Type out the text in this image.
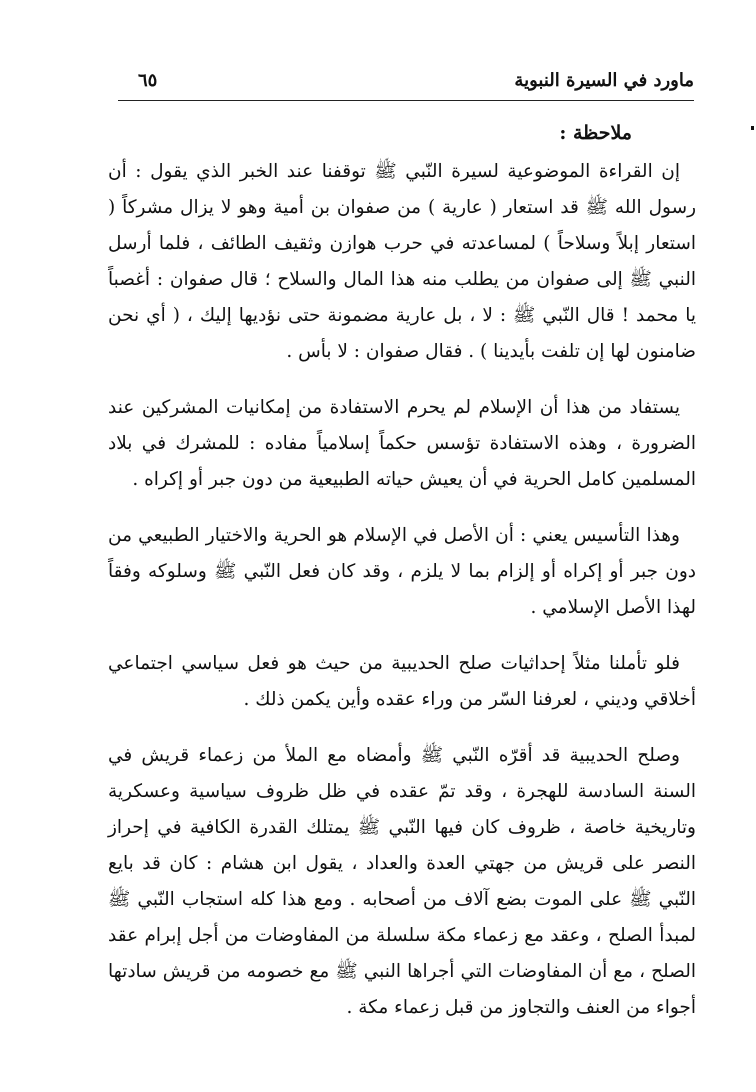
ماورد في السيرة النبوية
٦٥
ملاحظة :

إن القراءة الموضوعية لسيرة النّبي ﷺ توقفنا عند الخبر الذي يقول : أن رسول الله ﷺ قد استعار ( عارية ) من صفوان بن أمية وهو لا يزال مشركاً ( استعار إبلاً وسلاحاً ) لمساعدته في حرب هوازن وثقيف الطائف ، فلما أرسل النبي ﷺ إلى صفوان من يطلب منه هذا المال والسلاح ؛ قال صفوان : أغصباً يا محمد ! قال النّبي ﷺ : لا ، بل عارية مضمونة حتى نؤديها إليك ، ( أي نحن ضامنون لها إن تلفت بأيدينا ) . فقال صفوان : لا بأس .

يستفاد من هذا أن الإسلام لم يحرم الاستفادة من إمكانيات المشركين عند الضرورة ، وهذه الاستفادة تؤسس حكماً إسلامياً مفاده : للمشرك في بلاد المسلمين كامل الحرية في أن يعيش حياته الطبيعية من دون جبر أو إكراه .

وهذا التأسيس يعني : أن الأصل في الإسلام هو الحرية والاختيار الطبيعي من دون جبر أو إكراه أو إلزام بما لا يلزم ، وقد كان فعل النّبي ﷺ وسلوكه وفقاً لهذا الأصل الإسلامي .

فلو تأملنا مثلاً إحداثيات صلح الحديبية من حيث هو فعل سياسي اجتماعي أخلاقي وديني ، لعرفنا السّر من وراء عقده وأين يكمن ذلك .

وصلح الحديبية قد أقرّه النّبي ﷺ وأمضاه مع الملأ من زعماء قريش في السنة السادسة للهجرة ، وقد تمّ عقده في ظل ظروف سياسية وعسكرية وتاريخية خاصة ، ظروف كان فيها النّبي ﷺ يمتلك القدرة الكافية في إحراز النصر على قريش من جهتي العدة والعداد ، يقول ابن هشام : كان قد بايع النّبي ﷺ على الموت بضع آلاف من أصحابه . ومع هذا كله استجاب النّبي ﷺ لمبدأ الصلح ، وعقد مع زعماء مكة سلسلة من المفاوضات من أجل إبرام عقد الصلح ، مع أن المفاوضات التي أجراها النبي ﷺ مع خصومه من قريش سادتها أجواء من العنف والتجاوز من قبل زعماء مكة .
